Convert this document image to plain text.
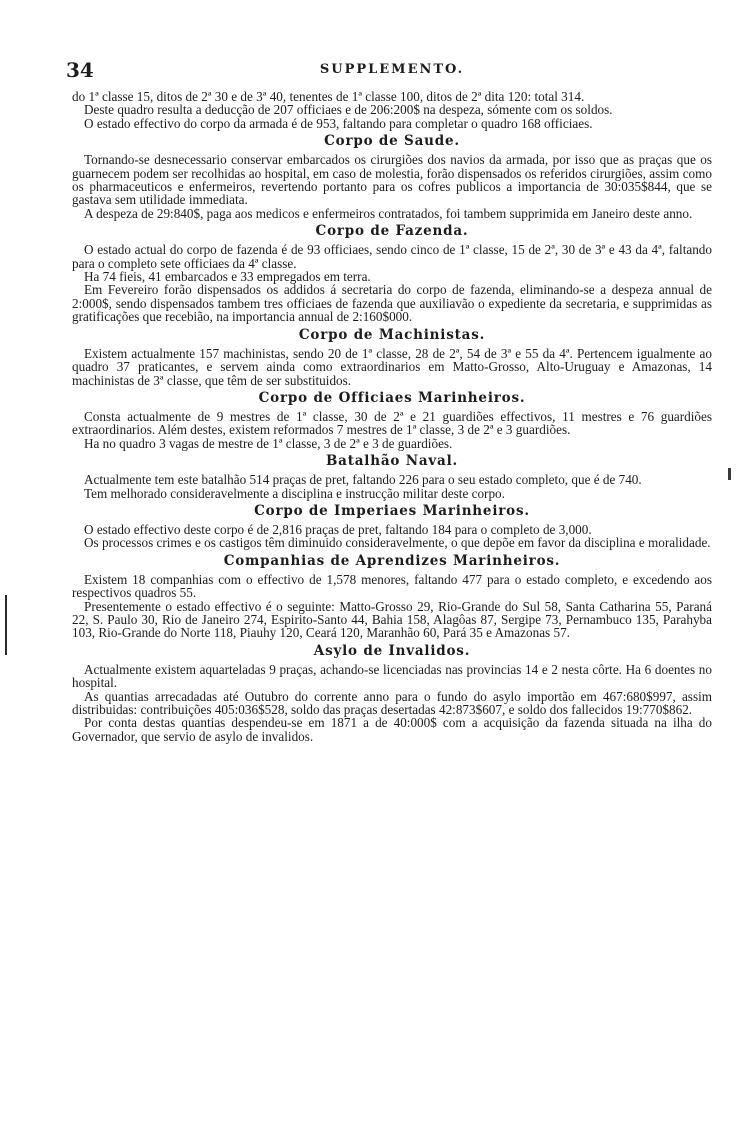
34	SUPPLEMENTO.

do 1ª classe 15, ditos de 2ª 30 e de 3ª 40, tenentes de 1ª classe 100, ditos de 2ª dita 120: total 314.

Deste quadro resulta a deducção de 207 officiaes e de 206:200$ na despeza, sómente com os soldos.

O estado effectivo do corpo da armada é de 953, faltando para completar o quadro 168 officiaes.

Corpo de Saude.

Tornando-se desnecessario conservar embarcados os cirurgiões dos navios da armada, por isso que as praças que os guarnecem podem ser recolhidas ao hospital, em caso de molestia, forão dispensados os referidos cirurgiões, assim como os pharmaceuticos e enfermeiros, revertendo portanto para os cofres publicos a importancia de 30:035$844, que se gastava sem utilidade immediata.

A despeza de 29:840$, paga aos medicos e enfermeiros contratados, foi tambem supprimida em Janeiro deste anno.

Corpo de Fazenda.

O estado actual do corpo de fazenda é de 93 officiaes, sendo cinco de 1ª classe, 15 de 2ª, 30 de 3ª e 43 da 4ª, faltando para o completo sete officiaes da 4ª classe.

Ha 74 fieis, 41 embarcados e 33 empregados em terra.

Em Fevereiro forão dispensados os addidos á secretaria do corpo de fazenda, eliminando-se a despeza annual de 2:000$, sendo dispensados tambem tres officiaes de fazenda que auxiliavão o expediente da secretaria, e supprimidas as gratificações que recebião, na importancia annual de 2:160$000.

Corpo de Machinistas.

Existem actualmente 157 machinistas, sendo 20 de 1ª classe, 28 de 2ª, 54 de 3ª e 55 da 4ª. Pertencem igualmente ao quadro 37 praticantes, e servem ainda como extraordinarios em Matto-Grosso, Alto-Uruguay e Amazonas, 14 machinistas de 3ª classe, que têm de ser substituidos.

Corpo de Officiaes Marinheiros.

Consta actualmente de 9 mestres de 1ª classe, 30 de 2ª e 21 guardiões effectivos, 11 mestres e 76 guardiões extraordinarios. Além destes, existem reformados 7 mestres de 1ª classe, 3 de 2ª e 3 guardiões.

Ha no quadro 3 vagas de mestre de 1ª classe, 3 de 2ª e 3 de guardiões.

Batalhão Naval.

Actualmente tem este batalhão 514 praças de pret, faltando 226 para o seu estado completo, que é de 740.

Tem melhorado consideravelmente a disciplina e instrucção militar deste corpo.

Corpo de Imperiaes Marinheiros.

O estado effectivo deste corpo é de 2,816 praças de pret, faltando 184 para o completo de 3,000.

Os processos crimes e os castigos têm diminuido consideravelmente, o que depõe em favor da disciplina e moralidade.

Companhias de Aprendizes Marinheiros.

Existem 18 companhias com o effectivo de 1,578 menores, faltando 477 para o estado completo, e excedendo aos respectivos quadros 55.

Presentemente o estado effectivo é o seguinte: Matto-Grosso 29, Rio-Grande do Sul 58, Santa Catharina 55, Paraná 22, S. Paulo 30, Rio de Janeiro 274, Espirito-Santo 44, Bahia 158, Alagôas 87, Sergipe 73, Pernambuco 135, Parahyba 103, Rio-Grande do Norte 118, Piauhy 120, Ceará 120, Maranhão 60, Pará 35 e Amazonas 57.

Asylo de Invalidos.

Actualmente existem aquarteladas 9 praças, achando-se licenciadas nas provincias 14 e 2 nesta côrte. Ha 6 doentes no hospital.

As quantias arrecadadas até Outubro do corrente anno para o fundo do asylo importão em 467:680$997, assim distribuidas: contribuições 405:036$528, soldo das praças desertadas 42:873$607, e soldo dos fallecidos 19:770$862.

Por conta destas quantias despendeu-se em 1871 a de 40:000$ com a acquisição da fazenda situada na ilha do Governador, que servio de asylo de invalidos.
